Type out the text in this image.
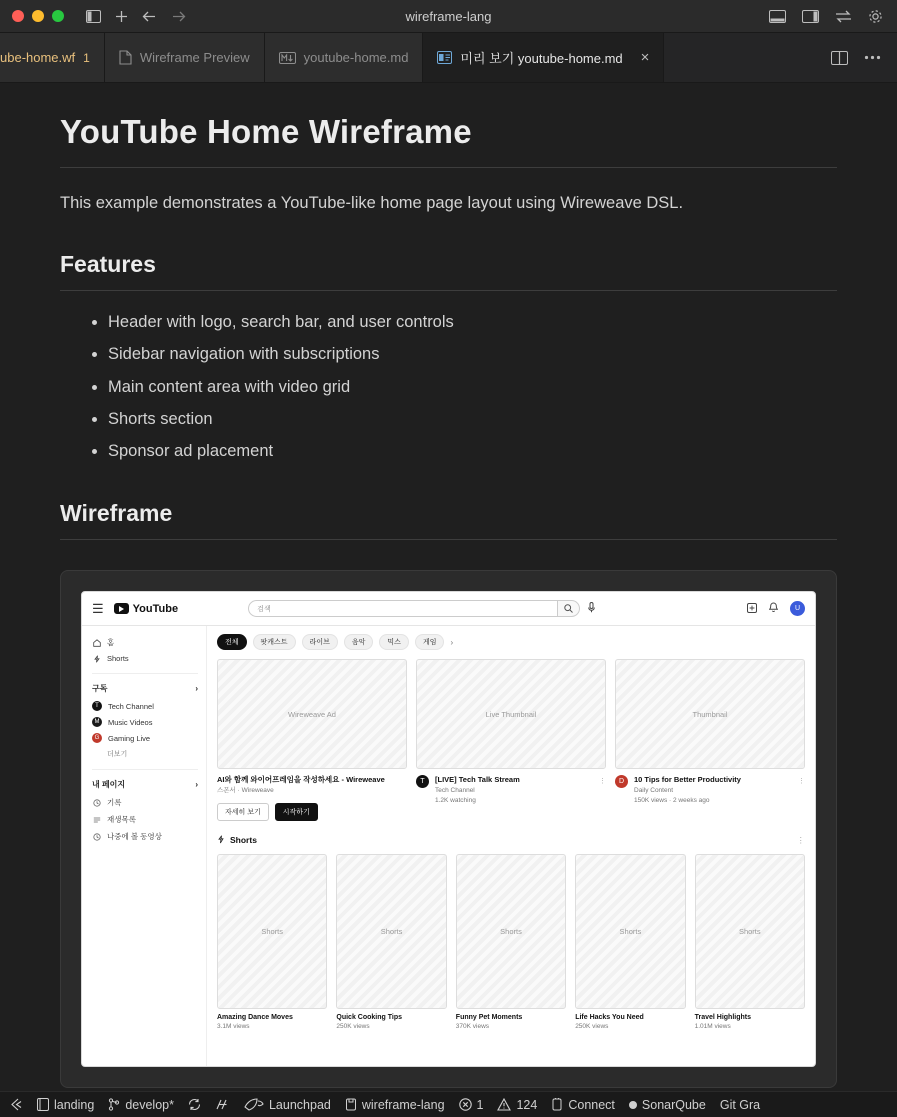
wireframe-lang
ube-home.wf 1	Wireframe Preview	youtube-home.md	미리 보기 youtube-home.md ×
YouTube Home Wireframe

This example demonstrates a YouTube-like home page layout using Wireweave DSL.

Features
• Header with logo, search bar, and user controls
• Sidebar navigation with subscriptions
• Main content area with video grid
• Shorts section
• Sponsor ad placement
Wireframe
☰	YouTube	검색	U
홈
Shorts
구독	›
T	Tech Channel
M	Music Videos
G	Gaming Live
더보기
내 페이지	›
기록
재생목록
나중에 볼 동영상
전체	팟캐스트	라이브	음악	믹스	게임	›
Wireweave Ad
AI와 함께 와이어프레임을 작성하세요 - Wireweave
스폰서 · Wireweave
자세히 보기	시작하기
Live Thumbnail
T	[LIVE] Tech Talk Stream
Tech Channel
1.2K watching
⋮
Thumbnail
D	10 Tips for Better Productivity
Daily Content
150K views · 2 weeks ago
⋮
Shorts	⋮
Shorts
Amazing Dance Moves
3.1M views
Shorts
Quick Cooking Tips
250K views
Shorts
Funny Pet Moments
370K views
Shorts
Life Hacks You Need
250K views
Shorts
Travel Highlights
1.01M views
landing develop*	Launchpad wireframe-lang	1	124 Connect SonarQube Git Gra
